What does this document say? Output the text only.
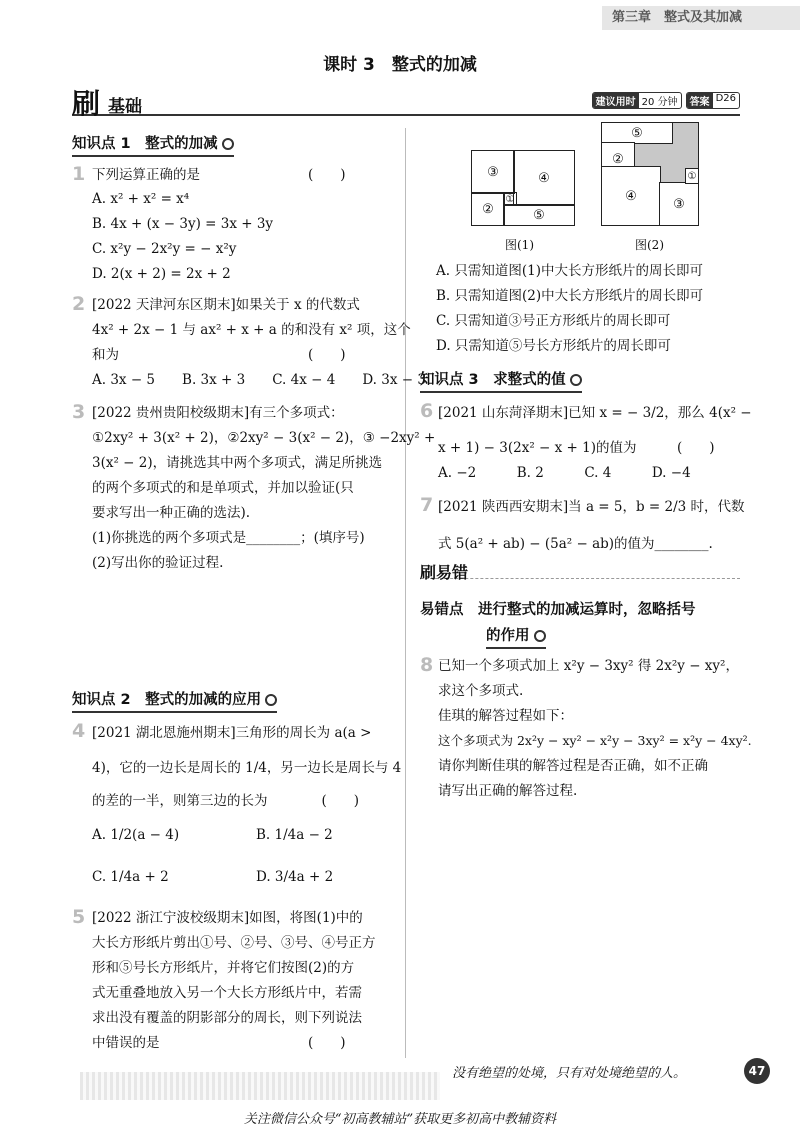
第三章　整式及其加减
课时 3　整式的加减
刷 基础	建议用时 20 分钟	答案 D26
知识点 1　整式的加减
1 下列运算正确的是　　　　　　　　(　　)
A. x² + x² = x⁴
B. 4x + (x − 3y) = 3x + 3y
C. x²y − 2x²y = − x²y
D. 2(x + 2) = 2x + 2
2 [2022 天津河东区期末]如果关于 x 的代数式
4x² + 2x − 1 与 ax² + x + a 的和没有 x² 项，这个
和为　　　　　　　　　　　　　　(　　)
A. 3x − 5　　B. 3x + 3　　C. 4x − 4　　D. 3x − 3
3 [2022 贵州贵阳校级期末]有三个多项式：
①2xy² + 3(x² + 2)，②2xy² − 3(x² − 2)，③ −2xy² +
3(x² − 2)，请挑选其中两个多项式，满足所挑选
的两个多项式的和是单项式，并加以验证(只
要求写出一种正确的选法).
(1)你挑选的两个多项式是________；(填序号)
(2)写出你的验证过程.
知识点 2　整式的加减的应用
4 [2021 湖北恩施州期末]三角形的周长为 a(a >
4)，它的一边长是周长的 1/4，另一边长是周长与 4
的差的一半，则第三边的长为　　　　(　　)
A. 1/2(a − 4)	B. 1/4a − 2
C. 1/4a + 2	D. 3/4a + 2
5 [2022 浙江宁波校级期末]如图，将图(1)中的
大长方形纸片剪出①号、②号、③号、④号正方
形和⑤号长方形纸片，并将它们按图(2)的方
式无重叠地放入另一个大长方形纸片中，若需
求出没有覆盖的阴影部分的周长，则下列说法
中错误的是　　　　　　　　　　　(　　)
③	④
②
①
⑤
图(1)
⑤
②
④
③
①
图(2)
A. 只需知道图(1)中大长方形纸片的周长即可
B. 只需知道图(2)中大长方形纸片的周长即可
C. 只需知道③号正方形纸片的周长即可
D. 只需知道⑤号长方形纸片的周长即可
知识点 3　求整式的值
6 [2021 山东菏泽期末]已知 x = − 3/2，那么 4(x² −
x + 1) − 3(2x² − x + 1)的值为　　　(　　)
A. −2　　　B. 2　　　C. 4　　　D. −4
7 [2021 陕西西安期末]当 a = 5，b = 2/3 时，代数
式 5(a² + ab) − (5a² − ab)的值为________.
刷易错
易错点　进行整式的加减运算时，忽略括号
的作用
8 已知一个多项式加上 x²y − 3xy² 得 2x²y − xy²，
求这个多项式.
佳琪的解答过程如下：
这个多项式为 2x²y − xy² − x²y − 3xy² = x²y − 4xy².
请你判断佳琪的解答过程是否正确，如不正确
请写出正确的解答过程.
没有绝望的处境，只有对处境绝望的人。	47
关注微信公众号“初高教辅站”获取更多初高中教辅资料
